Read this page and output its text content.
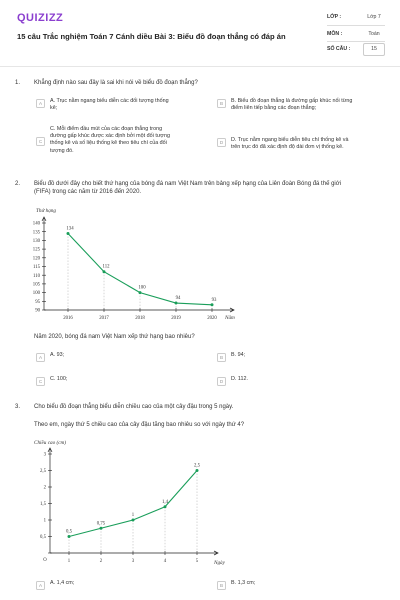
QUIZIZZ
15 câu Trắc nghiệm Toán 7 Cánh diều Bài 3: Biểu đồ đoạn thẳng có đáp án
LỚP :	Lớp 7
MÔN :	Toán
SỐ CÂU :	15
1. Khẳng định nào sau đây là sai khi nói về biểu đồ đoạn thẳng?
A	A. Trục nằm ngang biểu diễn các đối tượng thống
kê;
B	B. Biểu đồ đoạn thẳng là đường gấp khúc nối từng
điểm liên tiếp bằng các đoạn thẳng;
C
C. Mỗi điểm đầu mút của các đoạn thẳng trong
đường gấp khúc được xác định bởi một đối tượng
thống kê và số liệu thống kê theo tiêu chí của đối
tượng đó.
D	D. Trục nằm ngang biểu diễn tiêu chí thống kê và
trên trục đó đã xác định độ dài đơn vị thống kê.
2. Biểu đồ dưới đây cho biết thứ hạng của bóng đá nam Việt Nam trên bảng xếp hạng của Liên đoàn Bóng đá thế giới
(FIFA) trong các năm từ 2016 đến 2020.
90
95
100
105
110
115
120
125
130
135
140
2016	2017	2018	2019	2020
134
112
100
94	93
Thứ hạng
Năm
Năm 2020, bóng đá nam Việt Nam xếp thứ hạng bao nhiêu?
A	A. 93;	B	B. 94;
C	C. 100;	D	D. 112.
3. Cho biểu đồ đoạn thẳng biểu diễn chiều cao của một cây đậu trong 5 ngày.
Theo em, ngày thứ 5 chiều cao của cây đậu tăng bao nhiêu so với ngày thứ 4?
0,5
1
1,5
2
2,5
3
O	1	2	3	4	5
0,5
0,75
1
1,4
2,5
Chiều cao (cm)
Ngày
A	A. 1,4 cm;	B	B. 1,3 cm;
